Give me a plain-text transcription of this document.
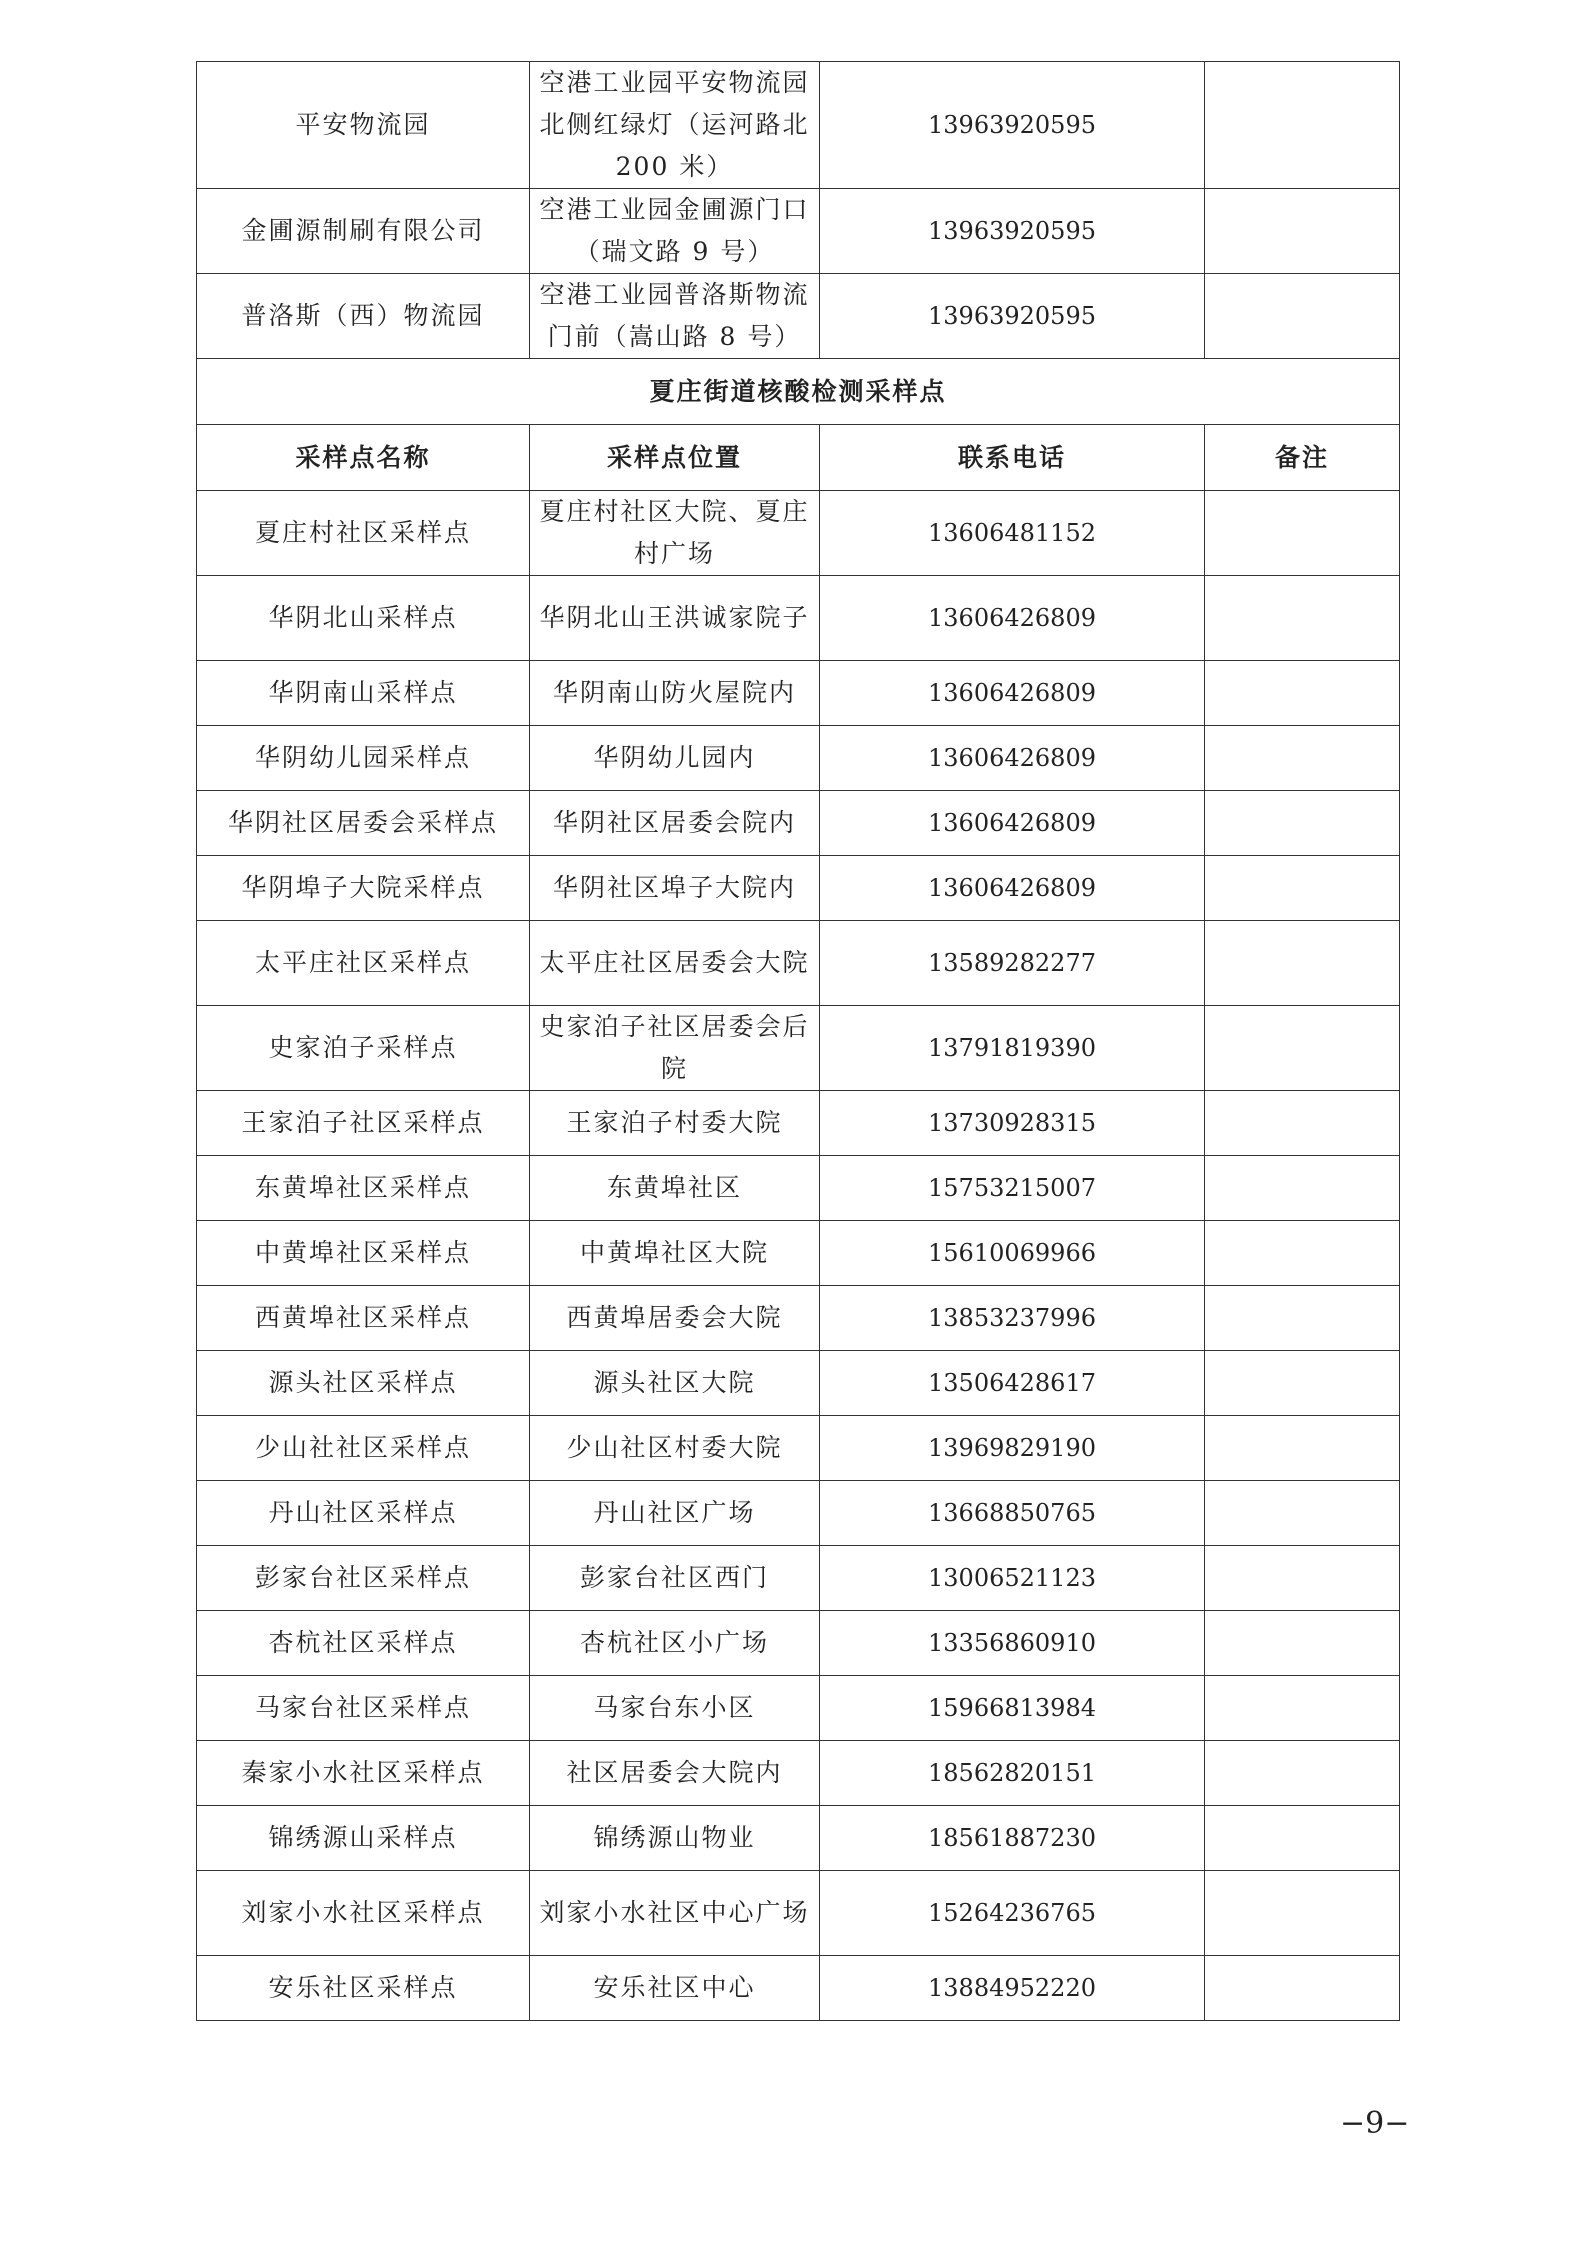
平安物流园	空港工业园平安物流园北侧红绿灯（运河路北 200 米）	13963920595	
金圃源制刷有限公司	空港工业园金圃源门口（瑞文路 9 号）	13963920595	
普洛斯（西）物流园	空港工业园普洛斯物流门前（嵩山路 8 号）	13963920595	
夏庄街道核酸检测采样点			
采样点名称	采样点位置	联系电话	备注
夏庄村社区采样点	夏庄村社区大院、夏庄村广场	13606481152	
华阴北山采样点	华阴北山王洪诚家院子	13606426809	
华阴南山采样点	华阴南山防火屋院内	13606426809	
华阴幼儿园采样点	华阴幼儿园内	13606426809	
华阴社区居委会采样点	华阴社区居委会院内	13606426809	
华阴埠子大院采样点	华阴社区埠子大院内	13606426809	
太平庄社区采样点	太平庄社区居委会大院	13589282277	
史家泊子采样点	史家泊子社区居委会后院	13791819390	
王家泊子社区采样点	王家泊子村委大院	13730928315	
东黄埠社区采样点	东黄埠社区	15753215007	
中黄埠社区采样点	中黄埠社区大院	15610069966	
西黄埠社区采样点	西黄埠居委会大院	13853237996	
源头社区采样点	源头社区大院	13506428617	
少山社社区采样点	少山社区村委大院	13969829190	
丹山社区采样点	丹山社区广场	13668850765	
彭家台社区采样点	彭家台社区西门	13006521123	
杏杭社区采样点	杏杭社区小广场	13356860910	
马家台社区采样点	马家台东小区	15966813984	
秦家小水社区采样点	社区居委会大院内	18562820151	
锦绣源山采样点	锦绣源山物业	18561887230	
刘家小水社区采样点	刘家小水社区中心广场	15264236765	
安乐社区采样点	安乐社区中心	13884952220	
−9−
